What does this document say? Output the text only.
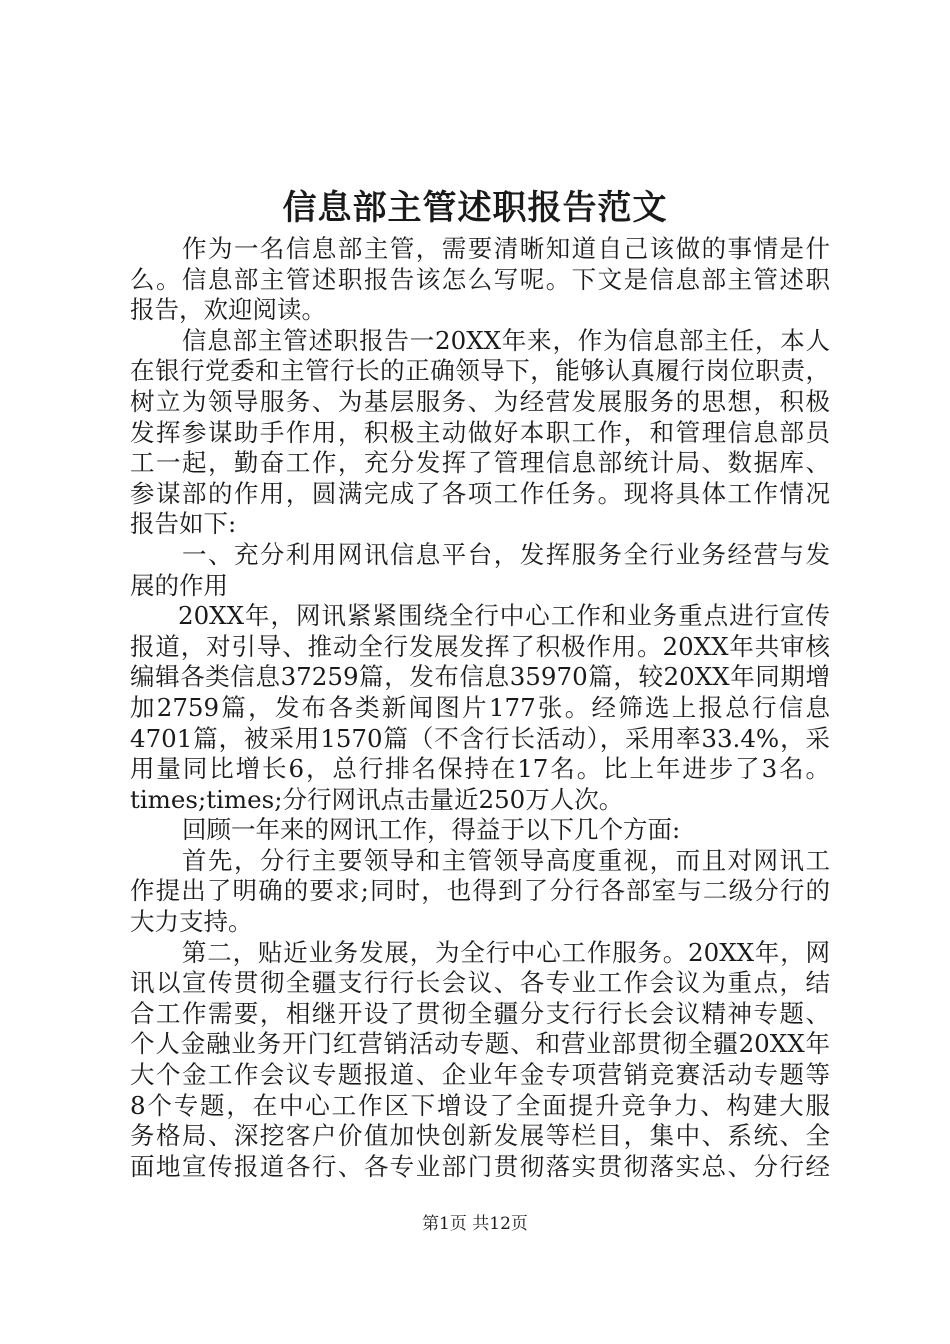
信息部主管述职报告范文
作为一名信息部主管，需要清晰知道自己该做的事情是什
么。信息部主管述职报告该怎么写呢。下文是信息部主管述职
报告，欢迎阅读。
信息部主管述职报告一20XX年来，作为信息部主任，本人
在银行党委和主管行长的正确领导下，能够认真履行岗位职责，
树立为领导服务、为基层服务、为经营发展服务的思想，积极
发挥参谋助手作用，积极主动做好本职工作，和管理信息部员
工一起，勤奋工作，充分发挥了管理信息部统计局、数据库、
参谋部的作用，圆满完成了各项工作任务。现将具体工作情况
报告如下:
一、充分利用网讯信息平台，发挥服务全行业务经营与发
展的作用
20XX年，网讯紧紧围绕全行中心工作和业务重点进行宣传
报道，对引导、推动全行发展发挥了积极作用。20XX年共审核
编辑各类信息37259篇，发布信息35970篇，较20XX年同期增
加2759篇，发布各类新闻图片177张。经筛选上报总行信息
4701篇，被采用1570篇（不含行长活动），采用率33.4%，采
用量同比增长6，总行排名保持在17名。比上年进步了3名。
times;times;分行网讯点击量近250万人次。
回顾一年来的网讯工作，得益于以下几个方面:
首先，分行主要领导和主管领导高度重视，而且对网讯工
作提出了明确的要求;同时，也得到了分行各部室与二级分行的
大力支持。
第二，贴近业务发展，为全行中心工作服务。20XX年，网
讯以宣传贯彻全疆支行行长会议、各专业工作会议为重点，结
合工作需要，相继开设了贯彻全疆分支行行长会议精神专题、
个人金融业务开门红营销活动专题、和营业部贯彻全疆20XX年
大个金工作会议专题报道、企业年金专项营销竞赛活动专题等
8个专题，在中心工作区下增设了全面提升竞争力、构建大服
务格局、深挖客户价值加快创新发展等栏目，集中、系统、全
面地宣传报道各行、各专业部门贯彻落实贯彻落实总、分行经
第1页 共12页
